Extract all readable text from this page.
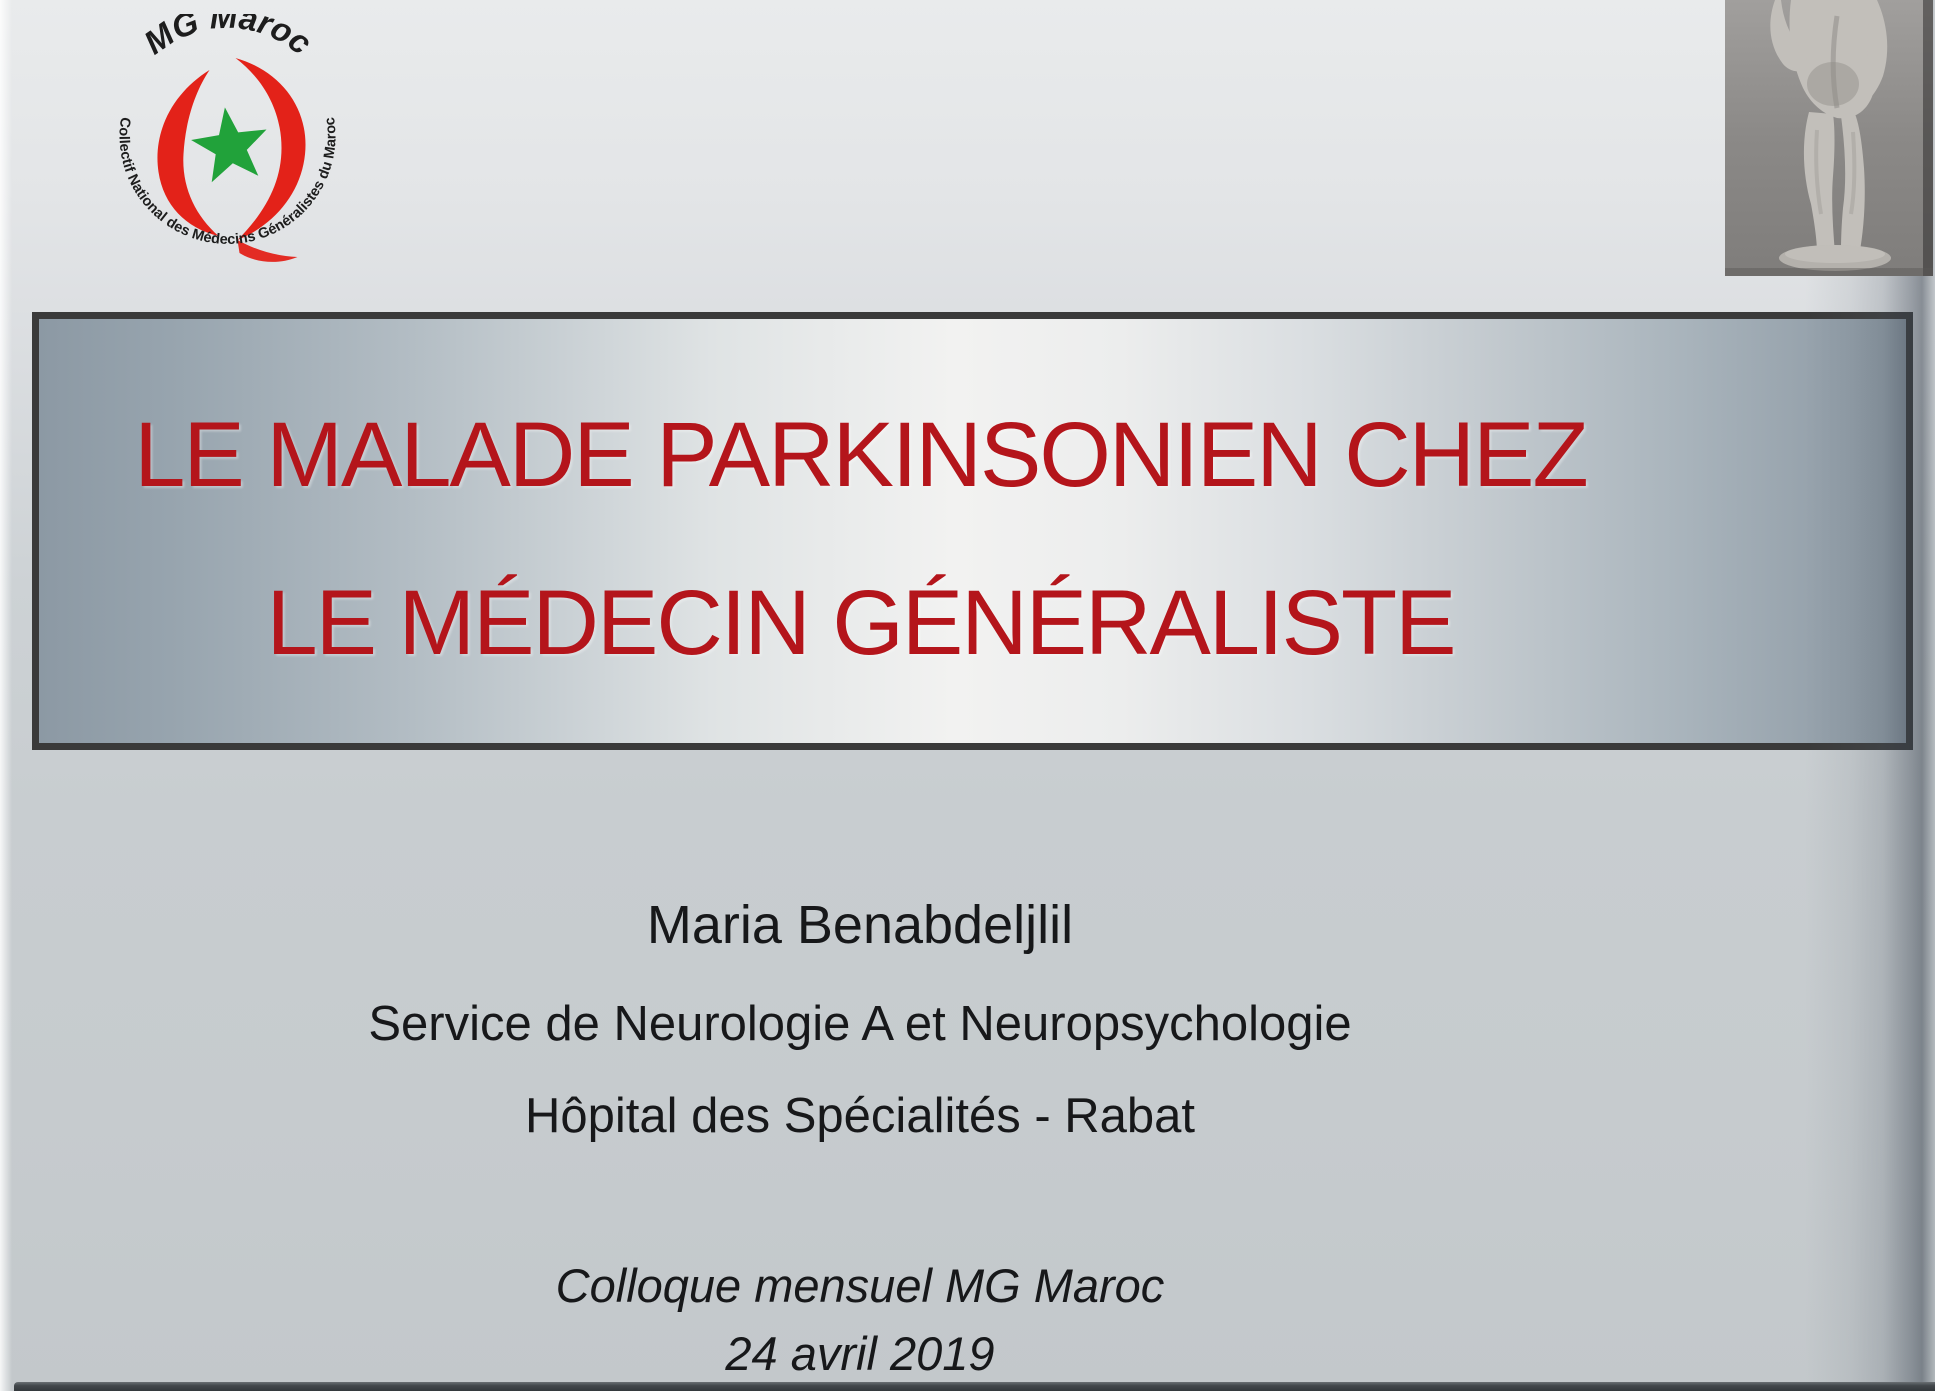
MG Maroc
Collectif National des Médecins Généralistes du Maroc
LE MALADE PARKINSONIEN CHEZ
LE MÉDECIN GÉNÉRALISTE
Maria Benabdeljlil
Service de Neurologie A et Neuropsychologie
Hôpital des Spécialités - Rabat
Colloque mensuel MG Maroc
24 avril 2019
